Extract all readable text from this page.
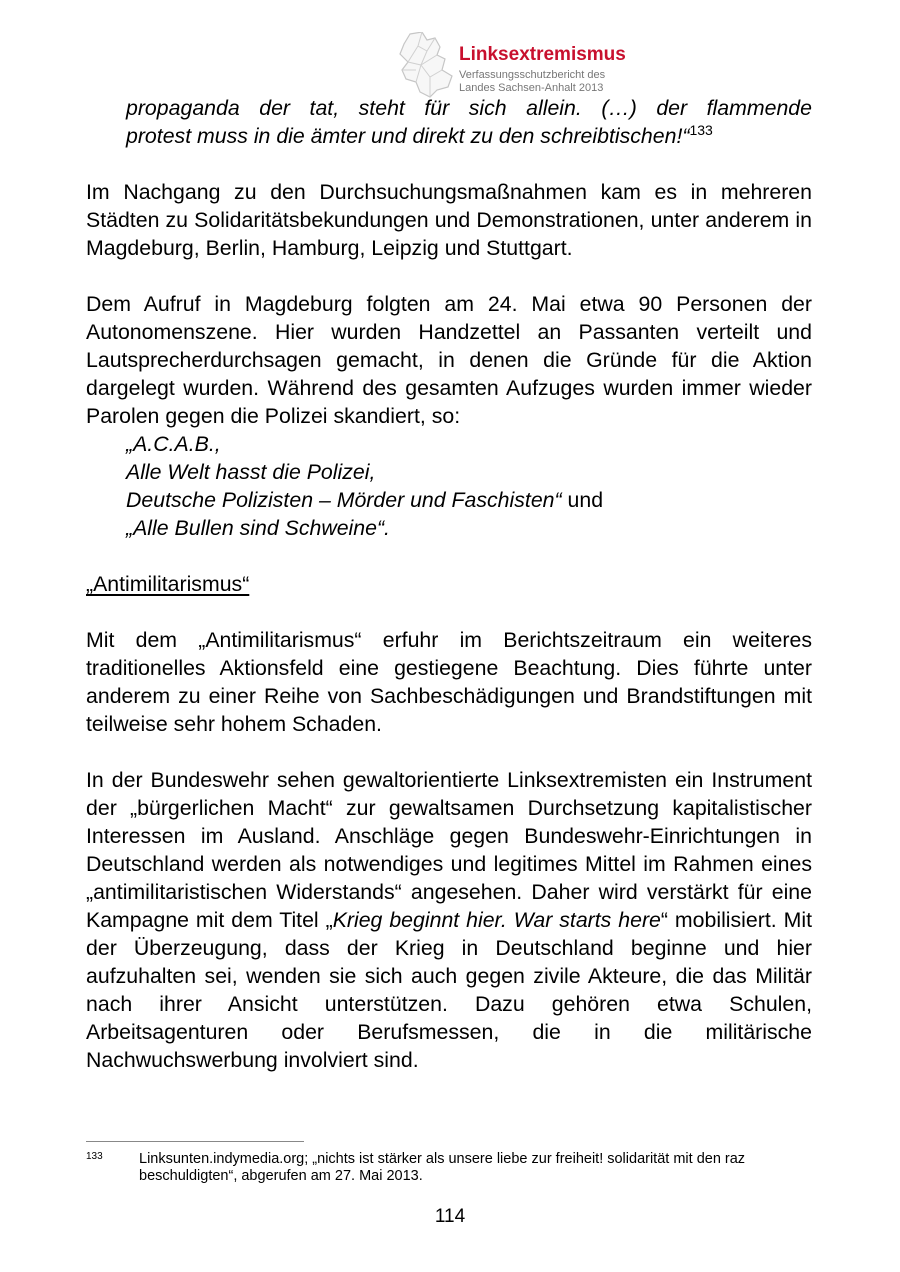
Linksextremismus
Verfassungsschutzbericht des
Landes Sachsen-Anhalt 2013
propaganda der tat, steht für sich allein. (…) der flammende
protest muss in die ämter und direkt zu den schreibtischen!“$^{133}$

Im Nachgang zu den Durchsuchungsmaßnahmen kam es in mehreren Städten zu Solidaritätsbekundungen und Demonstrationen, unter anderem in Magdeburg, Berlin, Hamburg, Leipzig und Stuttgart.

Dem Aufruf in Magdeburg folgten am 24. Mai etwa 90 Personen der Autonomenszene. Hier wurden Handzettel an Passanten verteilt und Lautsprecherdurchsagen gemacht, in denen die Gründe für die Aktion dargelegt wurden. Während des gesamten Aufzuges wurden immer wieder Parolen gegen die Polizei skandiert, so:

„A.C.A.B.,
Alle Welt hasst die Polizei,
Deutsche Polizisten – Mörder und Faschisten“ und
„Alle Bullen sind Schweine“.
„Antimilitarismus“

Mit dem „Antimilitarismus“ erfuhr im Berichtszeitraum ein weiteres traditionelles Aktionsfeld eine gestiegene Beachtung. Dies führte unter anderem zu einer Reihe von Sachbeschädigungen und Brandstiftungen mit teilweise sehr hohem Schaden.

In der Bundeswehr sehen gewaltorientierte Linksextremisten ein Instrument der „bürgerlichen Macht“ zur gewaltsamen Durchsetzung kapitalistischer Interessen im Ausland. Anschläge gegen Bundeswehr-Einrichtungen in Deutschland werden als notwendiges und legitimes Mittel im Rahmen eines „antimilitaristischen Widerstands“ angesehen. Daher wird verstärkt für eine Kampagne mit dem Titel „Krieg beginnt hier. War starts here“ mobilisiert. Mit der Überzeugung, dass der Krieg in Deutschland beginne und hier aufzuhalten sei, wenden sie sich auch gegen zivile Akteure, die das Militär nach ihrer Ansicht unterstützen. Dazu gehören etwa Schulen, Arbeitsagenturen oder Berufsmessen, die in die militärische Nachwuchswerbung involviert sind.

133	Linksunten.indymedia.org; „nichts ist stärker als unsere liebe zur freiheit! solidarität mit den raz beschuldigten“, abgerufen am 27. Mai 2013.
114
